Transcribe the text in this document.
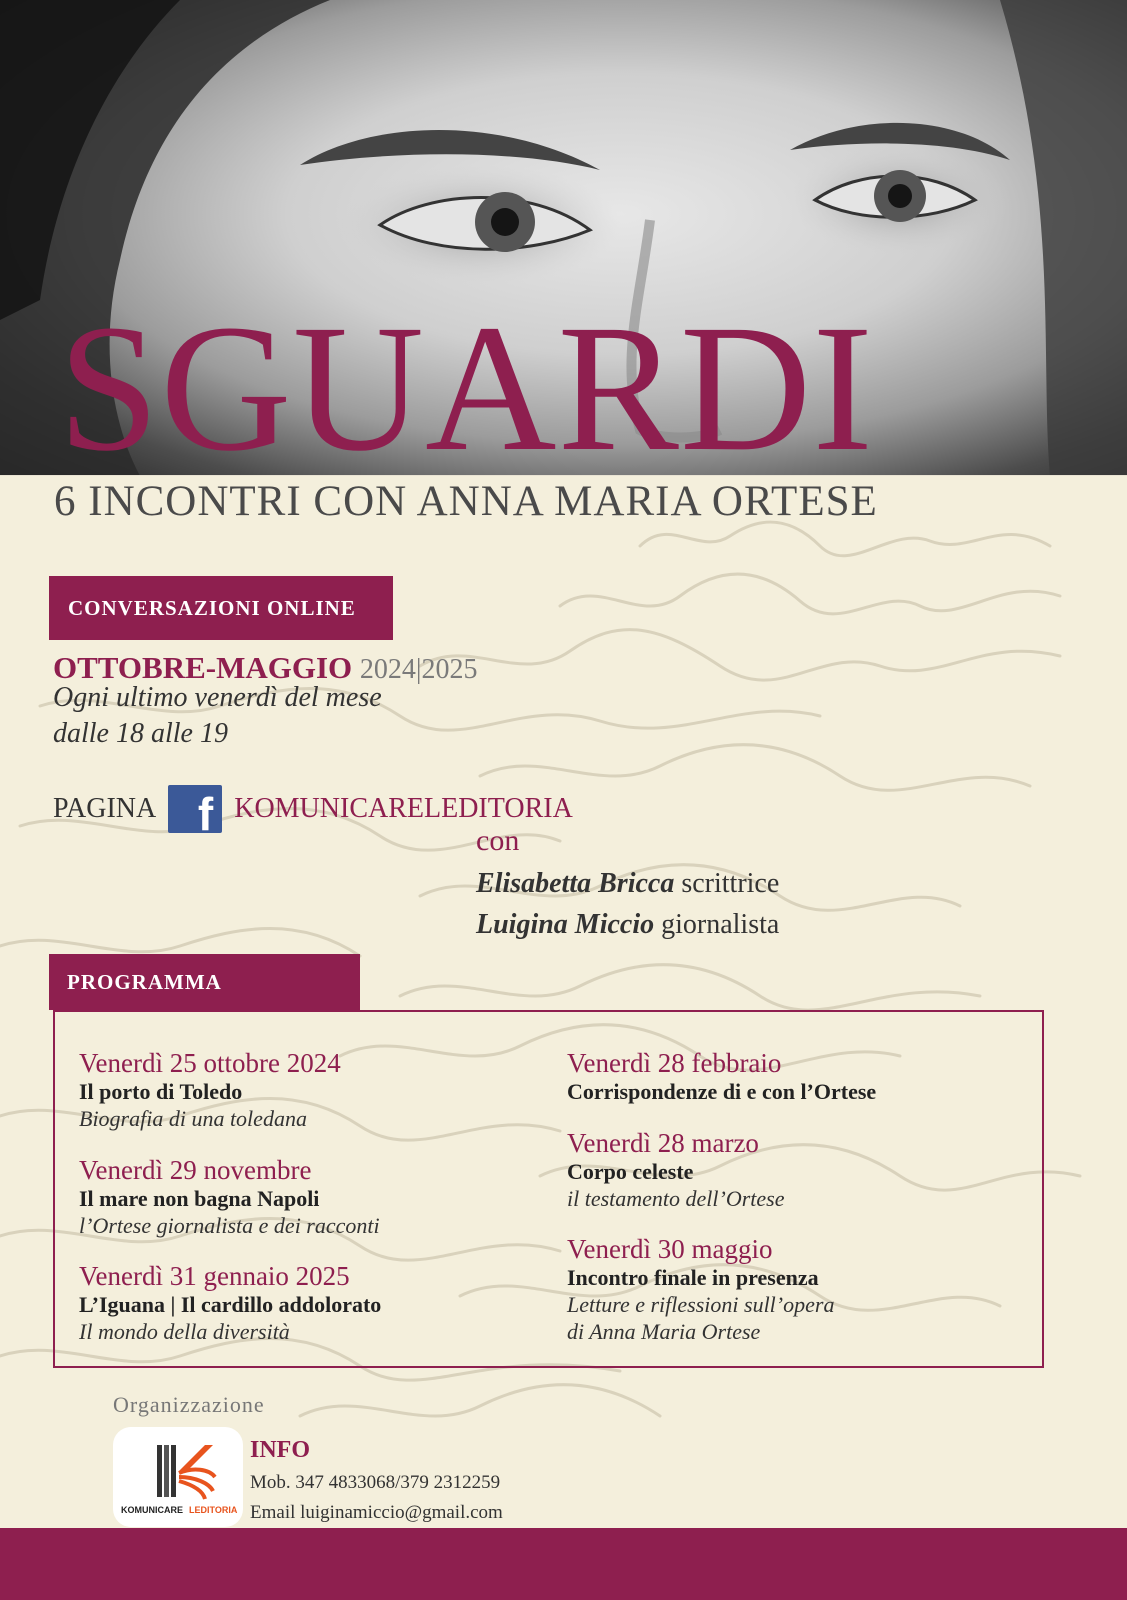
SGUARDI
6 INCONTRI CON ANNA MARIA ORTESE
CONVERSAZIONI ONLINE
OTTOBRE-MAGGIO 2024|2025
Ogni ultimo venerdì del mese
dalle 18 alle 19
PAGINA f KOMUNICARELEDITORIA
con
Elisabetta Bricca scrittrice
Luigina Miccio giornalista
PROGRAMMA
Venerdì 25 ottobre 2024
Il porto di Toledo
Biografia di una toledana
Venerdì 29 novembre
Il mare non bagna Napoli
l’Ortese giornalista e dei racconti
Venerdì 31 gennaio 2025
L’Iguana | Il cardillo addolorato
Il mondo della diversità
Venerdì 28 febbraio
Corrispondenze di e con l’Ortese
Venerdì 28 marzo
Corpo celeste
il testamento dell’Ortese
Venerdì 30 maggio
Incontro finale in presenza
Letture e riflessioni sull’opera
di Anna Maria Ortese
Organizzazione
KOMUNICARE LEDITORIA
INFO
Mob. 347 4833068/379 2312259
Email luiginamiccio@gmail.com
